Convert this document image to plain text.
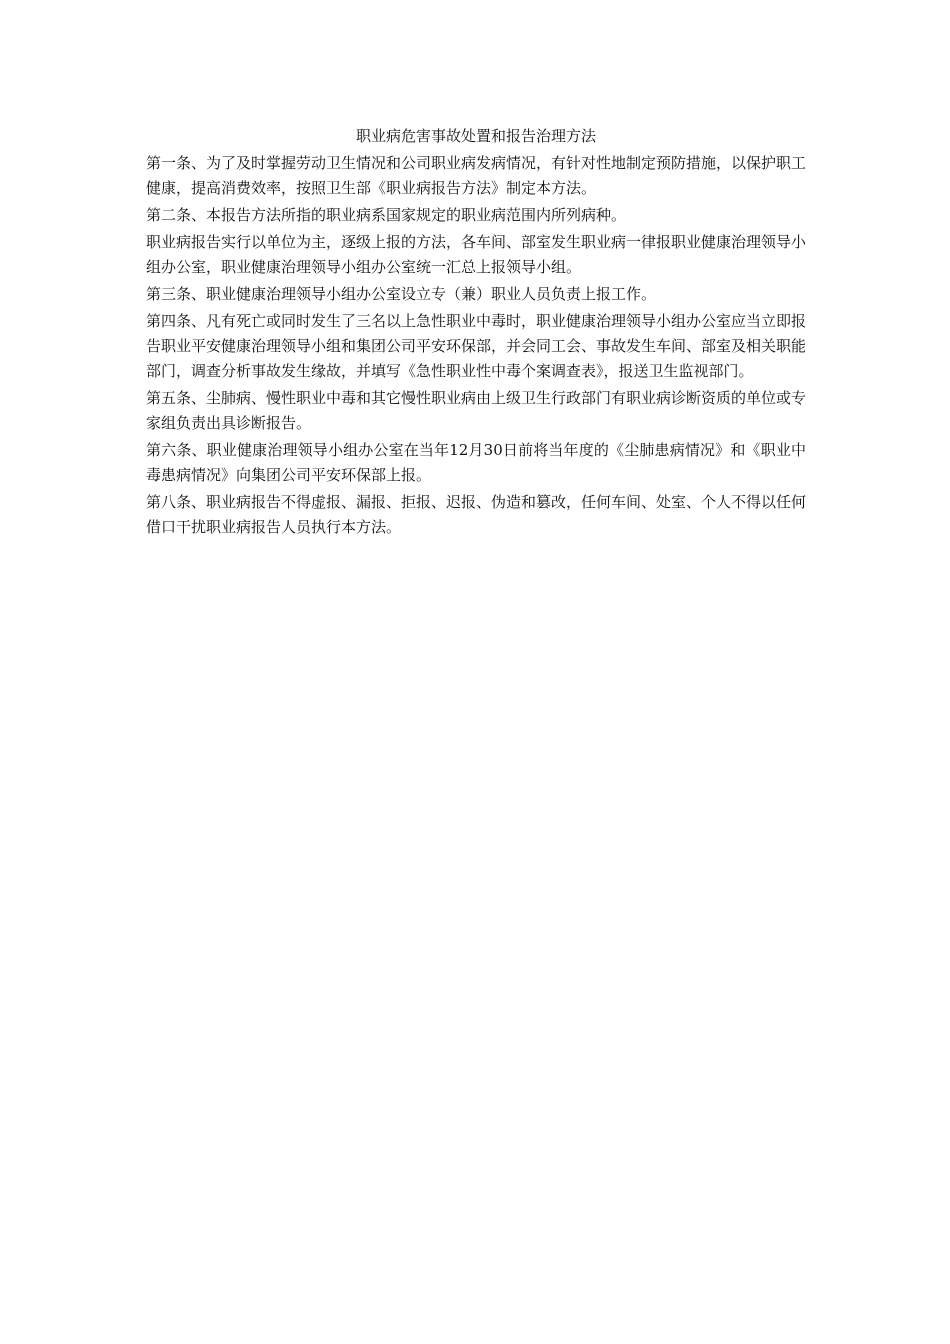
职业病危害事故处置和报告治理方法

第一条、为了及时掌握劳动卫生情况和公司职业病发病情况，有针对性地制定预防措施，以保护职工健康，提高消费效率，按照卫生部《职业病报告方法》制定本方法。

第二条、本报告方法所指的职业病系国家规定的职业病范围内所列病种。

职业病报告实行以单位为主，逐级上报的方法，各车间、部室发生职业病一律报职业健康治理领导小组办公室，职业健康治理领导小组办公室统一汇总上报领导小组。

第三条、职业健康治理领导小组办公室设立专（兼）职业人员负责上报工作。

第四条、凡有死亡或同时发生了三名以上急性职业中毒时，职业健康治理领导小组办公室应当立即报告职业平安健康治理领导小组和集团公司平安环保部，并会同工会、事故发生车间、部室及相关职能部门，调查分析事故发生缘故，并填写《急性职业性中毒个案调查表》，报送卫生监视部门。

第五条、尘肺病、慢性职业中毒和其它慢性职业病由上级卫生行政部门有职业病诊断资质的单位或专家组负责出具诊断报告。

第六条、职业健康治理领导小组办公室在当年12月30日前将当年度的《尘肺患病情况》和《职业中毒患病情况》向集团公司平安环保部上报。

第八条、职业病报告不得虚报、漏报、拒报、迟报、伪造和篡改，任何车间、处室、个人不得以任何借口干扰职业病报告人员执行本方法。
